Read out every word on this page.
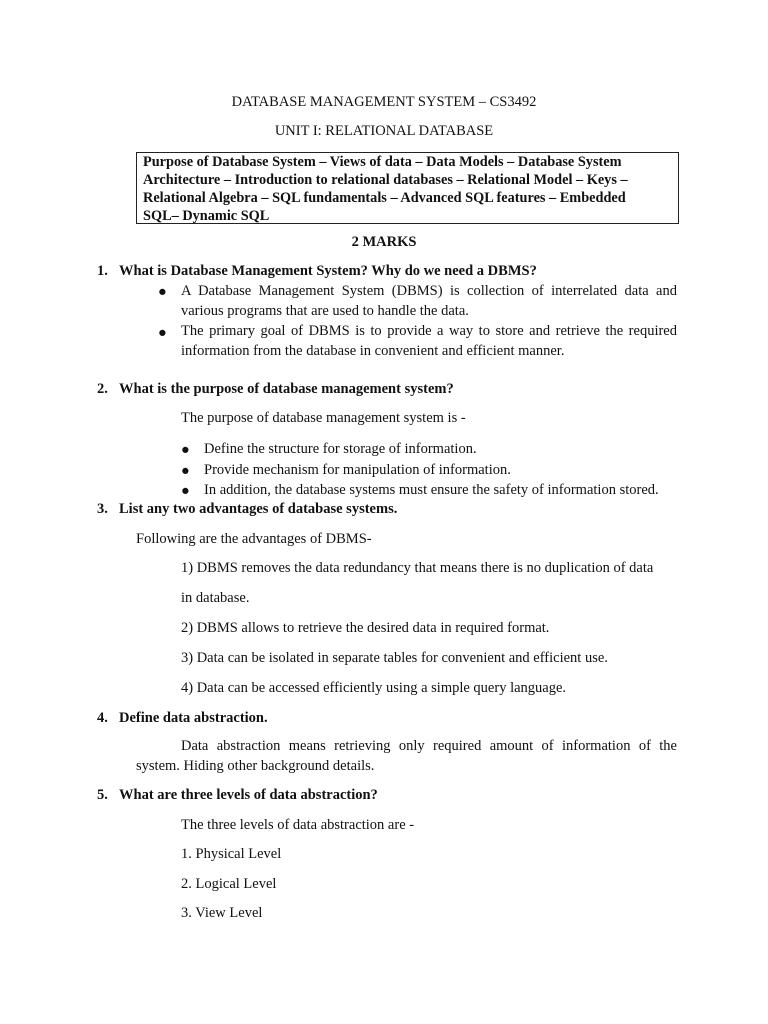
DATABASE MANAGEMENT SYSTEM – CS3492
UNIT I: RELATIONAL DATABASE
Purpose of Database System – Views of data – Data Models – Database System
Architecture – Introduction to relational databases – Relational Model – Keys –
Relational Algebra – SQL fundamentals – Advanced SQL features – Embedded
SQL– Dynamic SQL
2 MARKS
1. What is Database Management System? Why do we need a DBMS?
● A Database Management System (DBMS) is collection of interrelated data and
various programs that are used to handle the data.
● The primary goal of DBMS is to provide a way to store and retrieve the required
information from the database in convenient and efficient manner.
2. What is the purpose of database management system?
The purpose of database management system is -
● Define the structure for storage of information.
● Provide mechanism for manipulation of information.
● In addition, the database systems must ensure the safety of information stored.
3. List any two advantages of database systems.
Following are the advantages of DBMS-
1) DBMS removes the data redundancy that means there is no duplication of data
in database.
2) DBMS allows to retrieve the desired data in required format.
3) Data can be isolated in separate tables for convenient and efficient use.
4) Data can be accessed efficiently using a simple query language.
4. Define data abstraction.
Data abstraction means retrieving only required amount of information of the
system. Hiding other background details.
5. What are three levels of data abstraction?
The three levels of data abstraction are -
1. Physical Level
2. Logical Level
3. View Level
